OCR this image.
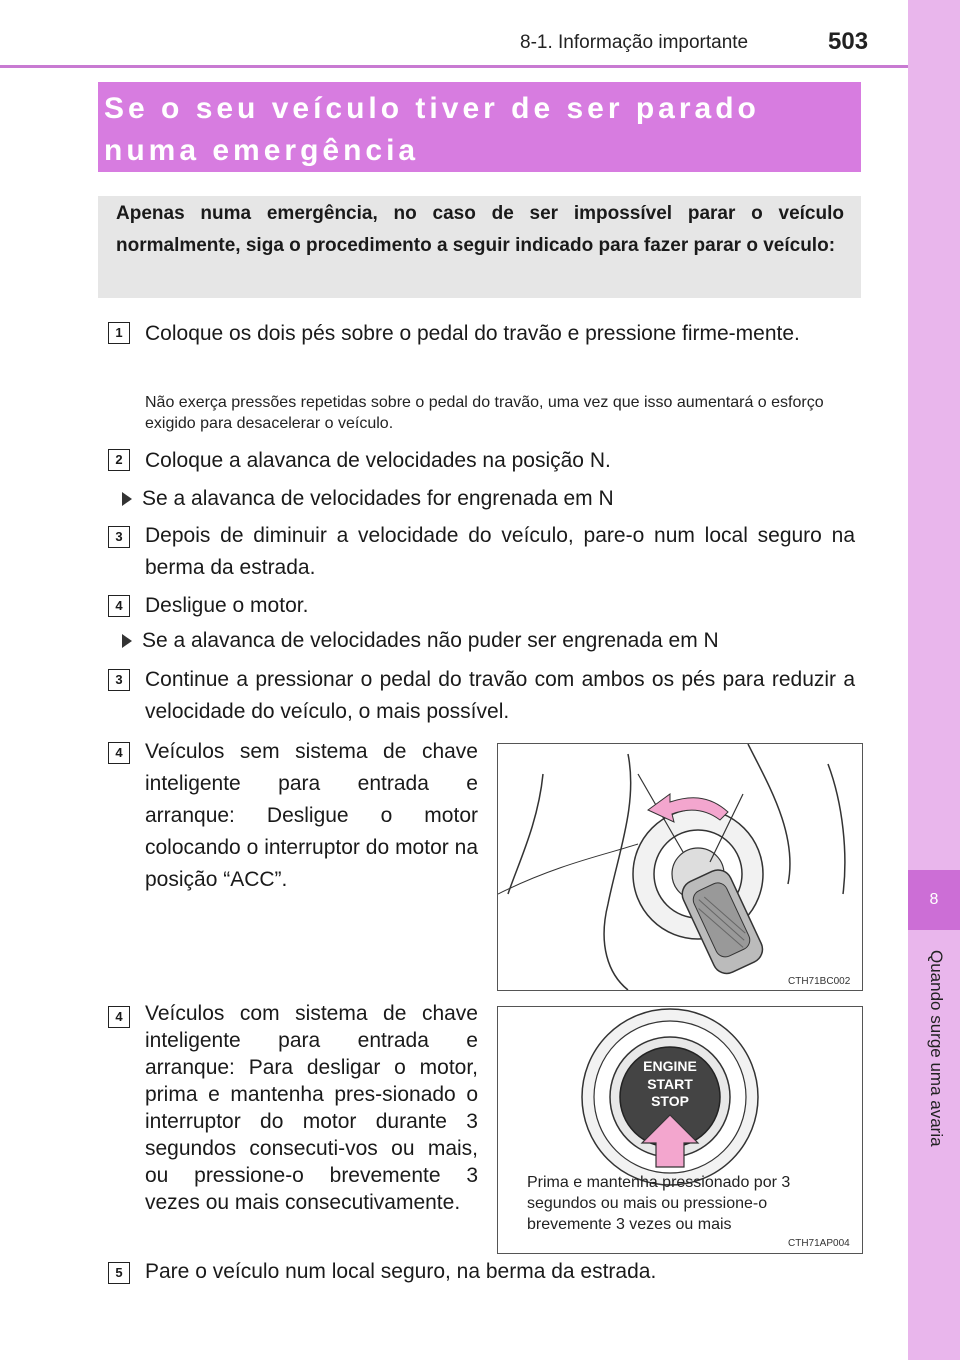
8
Quando surge uma avaria
8-1. Informação importante	503
Se o seu veículo tiver de ser parado numa emergência
Apenas numa emergência, no caso de ser impossível parar o veículo normalmente, siga o procedimento a seguir indicado para fazer parar o veículo:
1	Coloque os dois pés sobre o pedal do travão e pressione firme-mente.
Não exerça pressões repetidas sobre o pedal do travão, uma vez que isso aumentará o esforço exigido para desacelerar o veículo.
2	Coloque a alavanca de velocidades na posição N.
Se a alavanca de velocidades for engrenada em N
3	Depois de diminuir a velocidade do veículo, pare-o num local seguro na berma da estrada.
4	Desligue o motor.
Se a alavanca de velocidades não puder ser engrenada em N
3	Continue a pressionar o pedal do travão com ambos os pés para reduzir a velocidade do veículo, o mais possível.
4	Veículos sem sistema de chave inteligente para entrada e arranque: Desligue o motor colocando o interruptor do motor na posição “ACC”.
CTH71BC002
4	Veículos com sistema de chave inteligente para entrada e arranque: Para desligar o motor, prima e mantenha pres-sionado o interruptor do motor durante 3 segundos consecuti-vos ou mais, ou pressione-o brevemente 3 vezes ou mais consecutivamente.
ENGINE
START
STOP
Prima e mantenha pressionado por 3 segundos ou mais ou pressione-o brevemente 3 vezes ou mais
CTH71AP004
5	Pare o veículo num local seguro, na berma da estrada.
